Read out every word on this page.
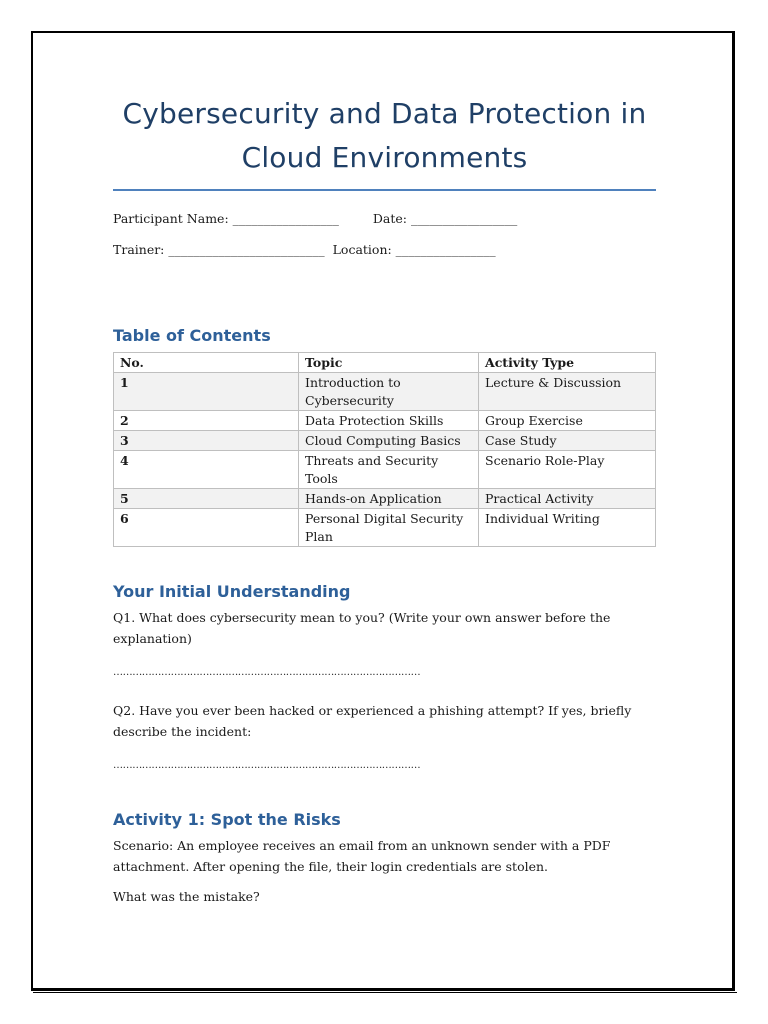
Cybersecurity and Data Protection in
Cloud Environments
Participant Name: _________________	Date: _________________
Trainer: _________________________ Location: ________________
Table of Contents
No.	Topic	Activity Type
1	Introduction to Cybersecurity	Lecture & Discussion
2	Data Protection Skills	Group Exercise
3	Cloud Computing Basics	Case Study
4	Threats and Security Tools	Scenario Role-Play
5	Hands-on Application	Practical Activity
6	Personal Digital Security Plan	Individual Writing
Your Initial Understanding

Q1. What does cybersecurity mean to you? (Write your own answer before the explanation)

……………………………………………………………………………………

Q2. Have you ever been hacked or experienced a phishing attempt? If yes, briefly describe the incident:

……………………………………………………………………………………

Activity 1: Spot the Risks

Scenario: An employee receives an email from an unknown sender with a PDF attachment. After opening the file, their login credentials are stolen.

What was the mistake?
